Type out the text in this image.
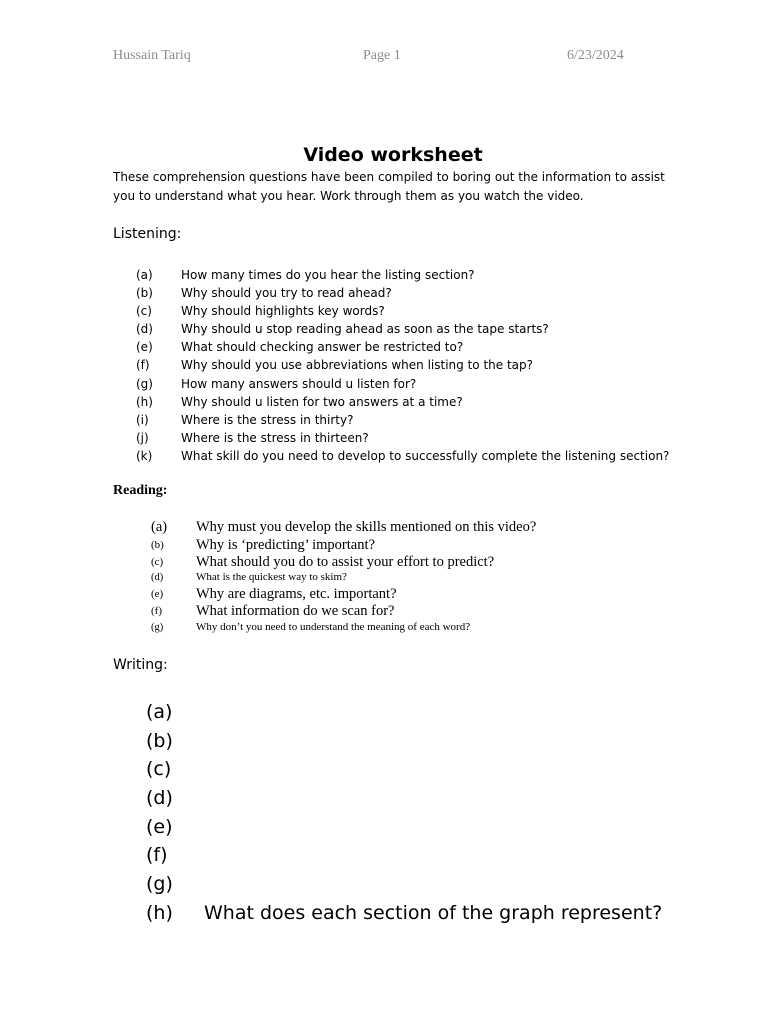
Hussain Tariq	Page 1	6/23/2024
Video worksheet
These comprehension questions have been compiled to boring out the information to assist you to understand what you hear. Work through them as you watch the video.
Listening:
(a) How many times do you hear the listing section?
(b) Why should you try to read ahead?
(c) Why should highlights key words?
(d) Why should u stop reading ahead as soon as the tape starts?
(e) What should checking answer be restricted to?
(f)	Why should you use abbreviations when listing to the tap?
(g) How many answers should u listen for?
(h) Why should u listen for two answers at a time?
(i)	Where is the stress in thirty?
(j)	Where is the stress in thirteen?
(k) What skill do you need to develop to successfully complete the listening section?
Reading:
(a) Why must you develop the skills mentioned on this video?
(b) Why is ‘predicting’ important?
(c) What should you do to assist your effort to predict?
(d)	What is the quickest way to skim?
(e) Why are diagrams, etc. important?
(f) What information do we scan for?
(g)	Why don’t you need to understand the meaning of each word?
Writing:
(a)
(b)
(c)
(d)
(e)
(f)
(g)
(h) What does each section of the graph represent?
